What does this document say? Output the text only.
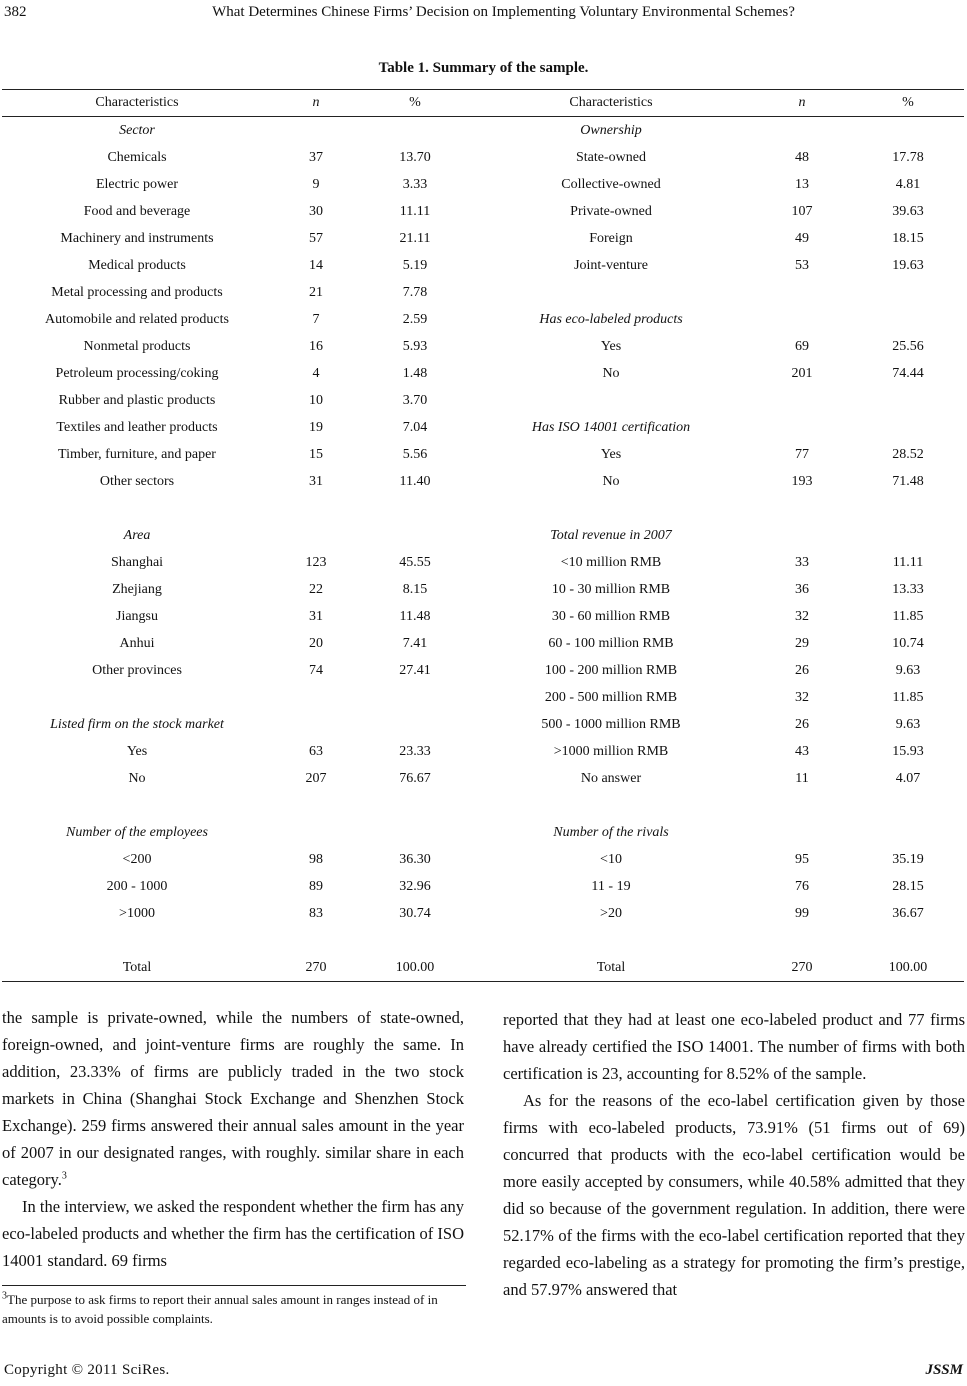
382	What Determines Chinese Firms’ Decision on Implementing Voluntary Environmental Schemes?
Table 1. Summary of the sample.
Characteristics	n	%	Characteristics	n	%
Sector			Ownership		
Chemicals	37	13.70	State-owned	48	17.78
Electric power	9	3.33	Collective-owned	13	4.81
Food and beverage	30	11.11	Private-owned	107	39.63
Machinery and instruments	57	21.11	Foreign	49	18.15
Medical products	14	5.19	Joint-venture	53	19.63
Metal processing and products	21	7.78			
Automobile and related products	7	2.59	Has eco-labeled products		
Nonmetal products	16	5.93	Yes	69	25.56
Petroleum processing/coking	4	1.48	No	201	74.44
Rubber and plastic products	10	3.70			
Textiles and leather products	19	7.04	Has ISO 14001 certification		
Timber, furniture, and paper	15	5.56	Yes	77	28.52
Other sectors	31	11.40	No	193	71.48

Area			Total revenue in 2007		
Shanghai	123	45.55	<10 million RMB	33	11.11
Zhejiang	22	8.15	10 - 30 million RMB	36	13.33
Jiangsu	31	11.48	30 - 60 million RMB	32	11.85
Anhui	20	7.41	60 - 100 million RMB	29	10.74
Other provinces	74	27.41	100 - 200 million RMB	26	9.63
			200 - 500 million RMB	32	11.85
Listed firm on the stock market			500 - 1000 million RMB	26	9.63
Yes	63	23.33	>1000 million RMB	43	15.93
No	207	76.67	No answer	11	4.07

Number of the employees			Number of the rivals		
<200	98	36.30	<10	95	35.19
200 - 1000	89	32.96	11 - 19	76	28.15
>1000	83	30.74	>20	99	36.67

Total	270	100.00	Total	270	100.00

the sample is private-owned, while the numbers of state-owned, foreign-owned, and joint-venture firms are roughly the same. In addition, 23.33% of firms are publicly traded in the two stock markets in China (Shanghai Stock Exchange and Shenzhen Stock Exchange). 259 firms answered their annual sales amount in the year of 2007 in our designated ranges, with roughly. similar share in each category.$^3$

In the interview, we asked the respondent whether the firm has any eco-labeled products and whether the firm has the certification of ISO 14001 standard. 69 firms

reported that they had at least one eco-labeled product and 77 firms have already certified the ISO 14001. The number of firms with both certification is 23, accounting for 8.52% of the sample.

As for the reasons of the eco-label certification given by those firms with eco-labeled products, 73.91% (51 firms out of 69) concurred that products with the eco-label certification would be more easily accepted by consumers, while 40.58% admitted that they did so because of the government regulation. In addition, there were 52.17% of the firms with the eco-label certification reported that they regarded eco-labeling as a strategy for promoting the firm’s prestige, and 57.97% answered that

$^3$The purpose to ask firms to report their annual sales amount in ranges instead of in amounts is to avoid possible complaints.
Copyright © 2011 SciRes.	JSSM
